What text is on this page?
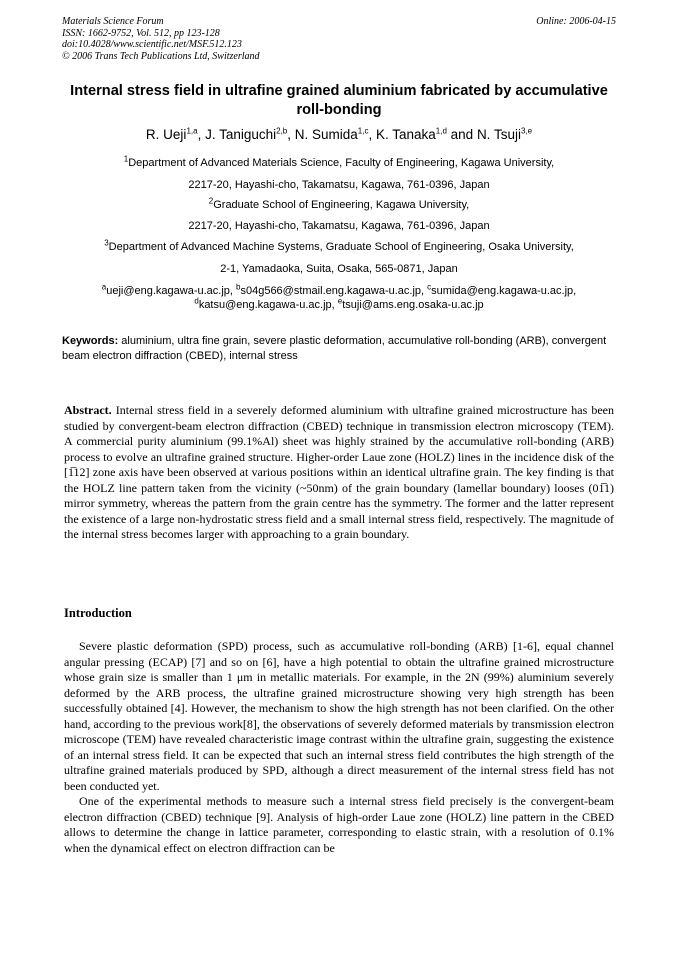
Materials Science Forum
ISSN: 1662-9752, Vol. 512, pp 123-128
doi:10.4028/www.scientific.net/MSF.512.123
© 2006 Trans Tech Publications Ltd, Switzerland
Online: 2006-04-15
Internal stress field in ultrafine grained aluminium fabricated by accumulative roll-bonding
R. Ueji$^{1,a}$, J. Taniguchi$^{2,b}$, N. Sumida$^{1,c}$, K. Tanaka$^{1,d}$ and N. Tsuji$^{3,e}$
$^1$Department of Advanced Materials Science, Faculty of Engineering, Kagawa University,
2217-20, Hayashi-cho, Takamatsu, Kagawa, 761-0396, Japan
$^2$Graduate School of Engineering, Kagawa University,
2217-20, Hayashi-cho, Takamatsu, Kagawa, 761-0396, Japan
$^3$Department of Advanced Machine Systems, Graduate School of Engineering, Osaka University,
2-1, Yamadaoka, Suita, Osaka, 565-0871, Japan
$^a$ueji@eng.kagawa-u.ac.jp, $^b$s04g566@stmail.eng.kagawa-u.ac.jp, $^c$sumida@eng.kagawa-u.ac.jp,
$^d$katsu@eng.kagawa-u.ac.jp, $^e$tsuji@ams.eng.osaka-u.ac.jp
Keywords: aluminium, ultra fine grain, severe plastic deformation, accumulative roll-bonding (ARB), convergent beam electron diffraction (CBED), internal stress
Abstract. Internal stress field in a severely deformed aluminium with ultrafine grained microstructure has been studied by convergent-beam electron diffraction (CBED) technique in transmission electron microscopy (TEM). A commercial purity aluminium (99.1%Al) sheet was highly strained by the accumulative roll-bonding (ARB) process to evolve an ultrafine grained structure. Higher-order Laue zone (HOLZ) lines in the incidence disk of the [1̅12] zone axis have been observed at various positions within an identical ultrafine grain. The key finding is that the HOLZ line pattern taken from the vicinity (~50nm) of the grain boundary (lamellar boundary) looses (01̅1) mirror symmetry, whereas the pattern from the grain centre has the symmetry. The former and the latter represent the existence of a large non-hydrostatic stress field and a small internal stress field, respectively. The magnitude of the internal stress becomes larger with approaching to a grain boundary.
Introduction

Severe plastic deformation (SPD) process, such as accumulative roll-bonding (ARB) [1-6], equal channel angular pressing (ECAP) [7] and so on [6], have a high potential to obtain the ultrafine grained microstructure whose grain size is smaller than 1 μm in metallic materials. For example, in the 2N (99%) aluminium severely deformed by the ARB process, the ultrafine grained microstructure showing very high strength has been successfully obtained [4]. However, the mechanism to show the high strength has not been clarified. On the other hand, according to the previous work[8], the observations of severely deformed materials by transmission electron microscope (TEM) have revealed characteristic image contrast within the ultrafine grain, suggesting the existence of an internal stress field. It can be expected that such an internal stress field contributes the high strength of the ultrafine grained materials produced by SPD, although a direct measurement of the internal stress field has not been conducted yet.

One of the experimental methods to measure such a internal stress field precisely is the convergent-beam electron diffraction (CBED) technique [9]. Analysis of high-order Laue zone (HOLZ) line pattern in the CBED allows to determine the change in lattice parameter, corresponding to elastic strain, with a resolution of 0.1% when the dynamical effect on electron diffraction can be
